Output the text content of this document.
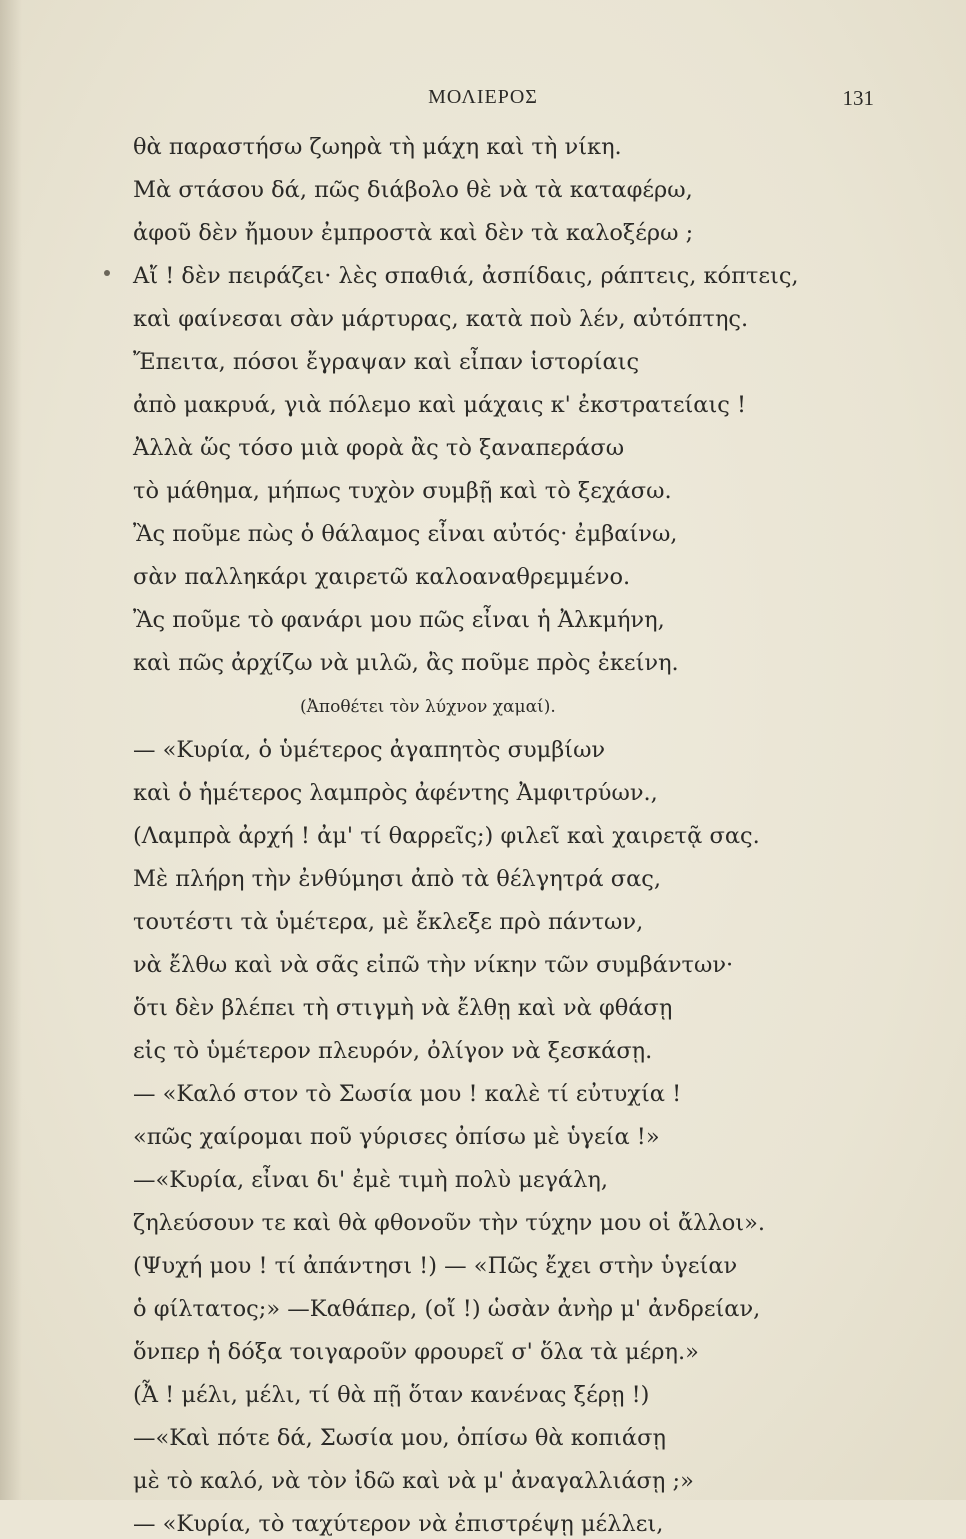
ΜΟΛΙΕΡΟΣ	131
θὰ παραστήσω ζωηρὰ τὴ μάχη καὶ τὴ νίκη.
Μὰ στάσου δά, πῶς διάβολο θὲ νὰ τὰ καταφέρω,
ἀφοῦ δὲν ἤμουν ἐμπροστὰ καὶ δὲν τὰ καλοξέρω ;
Αἴ ! δὲν πειράζει· λὲς σπαθιά, ἀσπίδαις, ράπτεις, κόπτεις,
καὶ φαίνεσαι σὰν μάρτυρας, κατὰ ποὺ λέν, αὐτόπτης.
Ἔπειτα, πόσοι ἔγραψαν καὶ εἶπαν ἱστορίαις
ἀπὸ μακρυά, γιὰ πόλεμο καὶ μάχαις κ' ἐκστρατείαις !
Ἀλλὰ ὥς τόσο μιὰ φορὰ ἂς τὸ ξαναπεράσω
τὸ μάθημα, μήπως τυχὸν συμβῇ καὶ τὸ ξεχάσω.
Ἂς ποῦμε πὼς ὁ θάλαμος εἶναι αὐτός· ἐμβαίνω,
σὰν παλληκάρι χαιρετῶ καλοαναθρεμμένο.
Ἂς ποῦμε τὸ φανάρι μου πῶς εἶναι ἡ Ἀλκμήνη,
καὶ πῶς ἀρχίζω νὰ μιλῶ, ἂς ποῦμε πρὸς ἐκείνη.
(Ἀποθέτει τὸν λύχνον χαμαί).
— «Κυρία, ὁ ὑμέτερος ἀγαπητὸς συμβίων
καὶ ὁ ἡμέτερος λαμπρὸς ἀφέντης Ἀμφιτρύων.,
(Λαμπρὰ ἀρχή ! ἀμ' τί θαρρεῖς;) φιλεῖ καὶ χαιρετᾷ σας.
Μὲ πλήρη τὴν ἐνθύμησι ἀπὸ τὰ θέλγητρά σας,
τουτέστι τὰ ὑμέτερα, μὲ ἔκλεξε πρὸ πάντων,
νὰ ἔλθω καὶ νὰ σᾶς εἰπῶ τὴν νίκην τῶν συμβάντων·
ὅτι δὲν βλέπει τὴ στιγμὴ νὰ ἔλθῃ καὶ νὰ φθάσῃ
εἰς τὸ ὑμέτερον πλευρόν, ὀλίγον νὰ ξεσκάσῃ.
— «Καλό στον τὸ Σωσία μου ! καλὲ τί εὐτυχία !
«πῶς χαίρομαι ποῦ γύρισες ὀπίσω μὲ ὑγεία !»
—«Κυρία, εἶναι δι' ἐμὲ τιμὴ πολὺ μεγάλη,
ζηλεύσουν τε καὶ θὰ φθονοῦν τὴν τύχην μου οἱ ἄλλοι».
(Ψυχή μου ! τί ἀπάντησι !) — «Πῶς ἔχει στὴν ὑγείαν
ὁ φίλτατος;» —Καθάπερ, (οἴ !) ὡσὰν ἀνὴρ μ' ἀνδρείαν,
ὅνπερ ἡ δόξα τοιγαροῦν φρουρεῖ σ' ὅλα τὰ μέρη.»
(Ἆ ! μέλι, μέλι, τί θὰ πῇ ὅταν κανένας ξέρῃ !)
—«Καὶ πότε δά, Σωσία μου, ὀπίσω θὰ κοπιάσῃ
μὲ τὸ καλό, νὰ τὸν ἰδῶ καὶ νὰ μ' ἀναγαλλιάσῃ ;»
— «Κυρία, τὸ ταχύτερον νὰ ἐπιστρέψῃ μέλλει,
